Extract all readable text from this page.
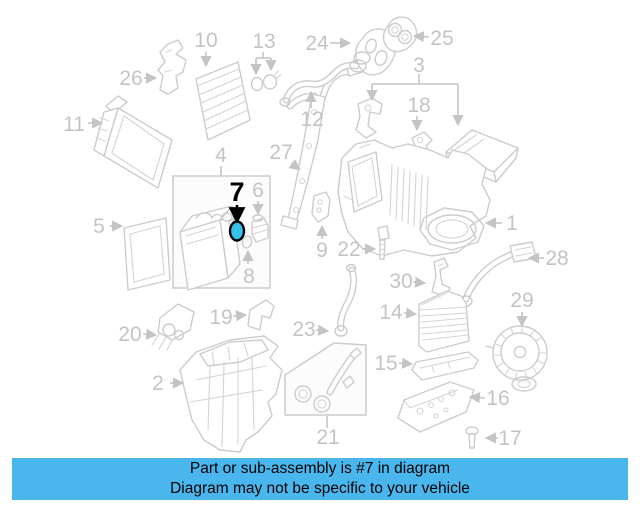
1
2
3
4
5
6
8
9
10
11	12
13
14
15
16
17
18
19
20
21
22
23
24	25
26
27
28
29
30
7
Part or sub-assembly is #7 in diagram
Diagram may not be specific to your vehicle
